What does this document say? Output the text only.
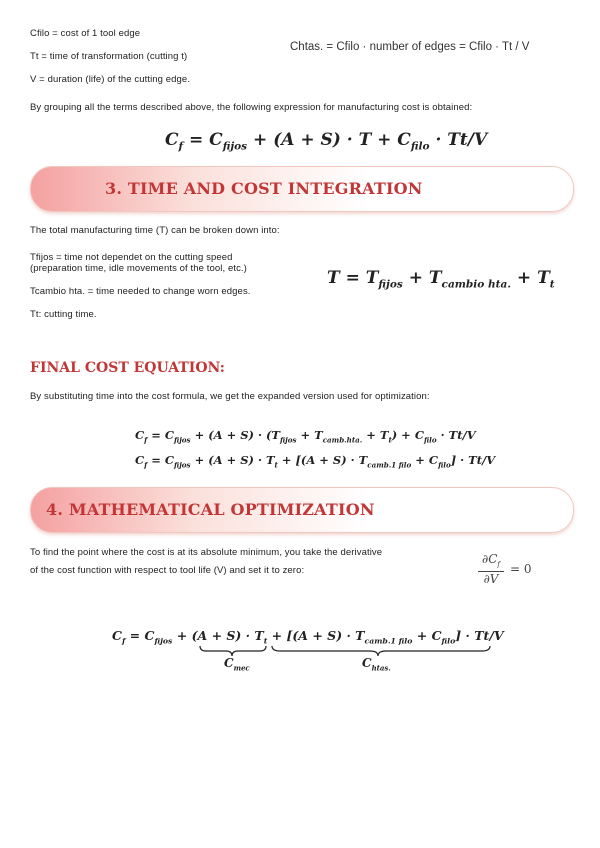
Cfilo = cost of 1 tool edge
Tt = time of transformation (cutting t)
V = duration (life) of the cutting edge.
Chtas. = Cfilo · number of edges = Cfilo · Tt / V
By grouping all the terms described above, the following expression for manufacturing cost is obtained:
$C_f = C_{fijos} + (A + S) \cdot T + C_{filo} \cdot Tt/V$
3. TIME AND COST INTEGRATION
The total manufacturing time (T) can be broken down into:
Tfijos = time not dependet on the cutting speed
(preparation time, idle movements of the tool, etc.)
Tcambio hta. = time needed to change worn edges.
Tt: cutting time.
$T = T_{fijos} + T_{cambio hta.} + T_t$
FINAL COST EQUATION:
By substituting time into the cost formula, we get the expanded version used for optimization:
$C_f = C_{fijos} + (A + S) \cdot (T_{fijos} + T_{camb.hta.} + T_t) + C_{filo} \cdot Tt/V$
$C_f = C_{fijos} + (A + S) \cdot T_t + [(A + S) \cdot T_{camb.1 filo} + C_{filo}] \cdot Tt/V$
4. MATHEMATICAL OPTIMIZATION
To find the point where the cost is at its absolute minimum, you take the derivative
of the cost function with respect to tool life (V) and set it to zero:
$\partial C_f$
∂V
= 0
$C_f = C_{fijos} + (A + S) \cdot T_t + [(A + S) \cdot T_{camb.1 filo} + C_{filo}] \cdot Tt/V$
$C_{mec}$	$C_{htas.}$
